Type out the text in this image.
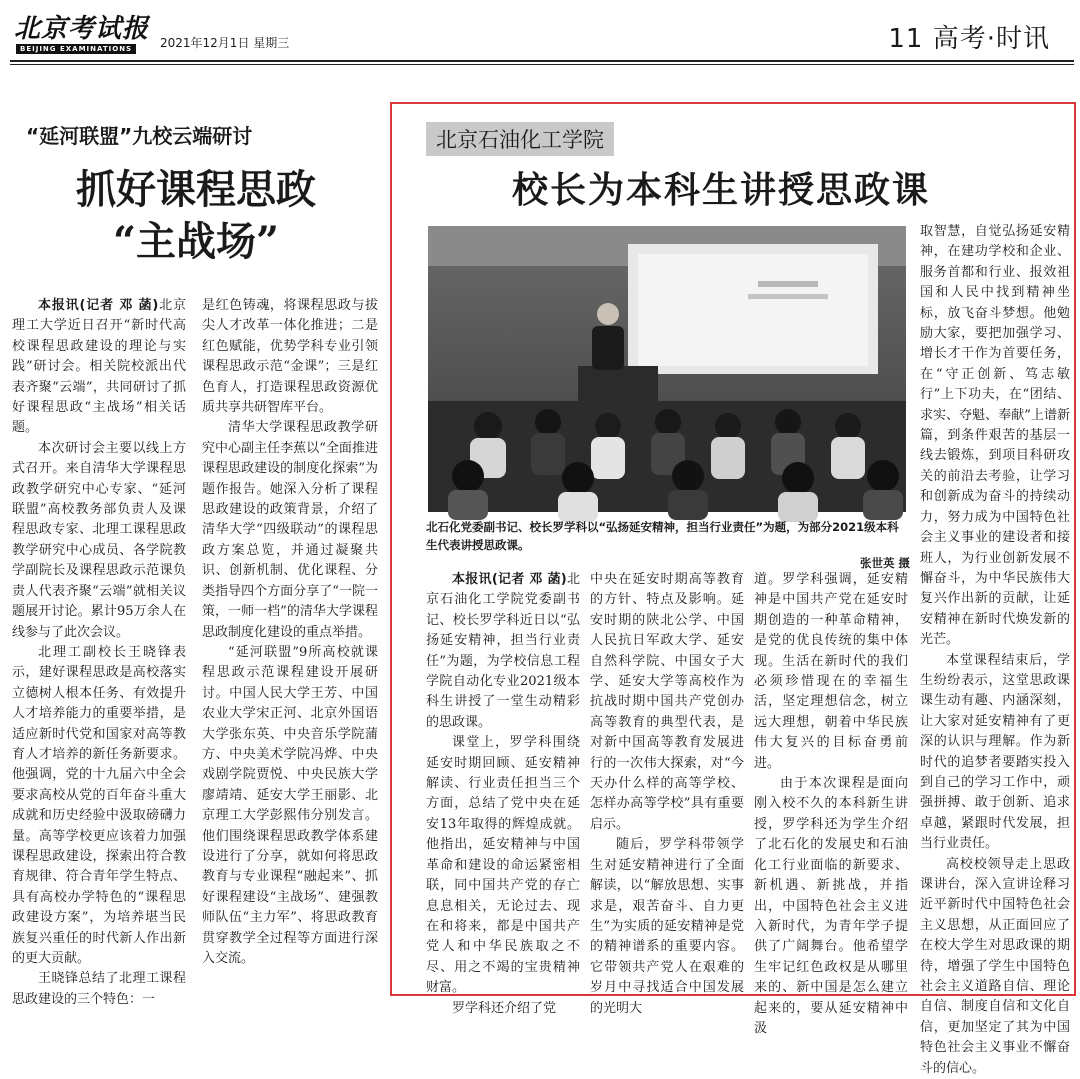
北京考试报
BEIJING EXAMINATIONS	2021年12月1日 星期三	11 高考·时讯
“延河联盟”九校云端研讨
抓好课程思政
“主战场”

本报讯(记者 邓 菡)北京理工大学近日召开“新时代高校课程思政建设的理论与实践”研讨会。相关院校派出代表齐聚“云端”，共同研讨了抓好课程思政“主战场”相关话题。

本次研讨会主要以线上方式召开。来自清华大学课程思政教学研究中心专家、“延河联盟”高校教务部负责人及课程思政专家、北理工课程思政教学研究中心成员、各学院教学副院长及课程思政示范课负责人代表齐聚“云端”就相关议题展开讨论。累计95万余人在线参与了此次会议。

北理工副校长王晓锋表示，建好课程思政是高校落实立德树人根本任务、有效提升人才培养能力的重要举措，是适应新时代党和国家对高等教育人才培养的新任务新要求。他强调，党的十九届六中全会要求高校从党的百年奋斗重大成就和历史经验中汲取磅礴力量。高等学校更应该着力加强课程思政建设，探索出符合教育规律、符合青年学生特点、具有高校办学特色的“课程思政建设方案”，为培养堪当民族复兴重任的时代新人作出新的更大贡献。

王晓锋总结了北理工课程思政建设的三个特色：一

是红色铸魂，将课程思政与拔尖人才改革一体化推进；二是红色赋能，优势学科专业引领课程思政示范“金课”；三是红色育人，打造课程思政资源优质共享共研智库平台。

清华大学课程思政教学研究中心副主任李蕉以“全面推进课程思政建设的制度化探索”为题作报告。她深入分析了课程思政建设的政策背景，介绍了清华大学“四级联动”的课程思政方案总览，并通过凝聚共识、创新机制、优化课程、分类指导四个方面分享了“一院一策，一师一档”的清华大学课程思政制度化建设的重点举措。

“延河联盟”9所高校就课程思政示范课程建设开展研讨。中国人民大学王芳、中国农业大学宋正河、北京外国语大学张东英、中央音乐学院蒲方、中央美术学院冯烨、中央戏剧学院贾悦、中央民族大学廖靖靖、延安大学王丽影、北京理工大学彭熙伟分别发言。他们围绕课程思政教学体系建设进行了分享，就如何将思政教育与专业课程“融起来”、抓好课程建设“主战场”、建强教师队伍“主力军”、将思政教育贯穿教学全过程等方面进行深入交流。

北京石油化工学院
校长为本科生讲授思政课
北石化党委副书记、校长罗学科以“弘扬延安精神，担当行业责任”为题，为部分2021级本科生代表讲授思政课。
张世英 摄

本报讯(记者 邓 菡)北京石油化工学院党委副书记、校长罗学科近日以“弘扬延安精神，担当行业责任”为题，为学校信息工程学院自动化专业2021级本科生讲授了一堂生动精彩的思政课。

课堂上，罗学科围绕延安时期回顾、延安精神解读、行业责任担当三个方面，总结了党中央在延安13年取得的辉煌成就。他指出，延安精神与中国革命和建设的命运紧密相联，同中国共产党的存亡息息相关，无论过去、现在和将来，都是中国共产党人和中华民族取之不尽、用之不竭的宝贵精神财富。

罗学科还介绍了党

中央在延安时期高等教育的方针、特点及影响。延安时期的陕北公学、中国人民抗日军政大学、延安自然科学院、中国女子大学、延安大学等高校作为抗战时期中国共产党创办高等教育的典型代表，是对新中国高等教育发展进行的一次伟大探索，对“今天办什么样的高等学校、怎样办高等学校”具有重要启示。

随后，罗学科带领学生对延安精神进行了全面解读，以“解放思想、实事求是，艰苦奋斗、自力更生”为实质的延安精神是党的精神谱系的重要内容。它带领共产党人在艰难的岁月中寻找适合中国发展的光明大

道。罗学科强调，延安精神是中国共产党在延安时期创造的一种革命精神，是党的优良传统的集中体现。生活在新时代的我们必须珍惜现在的幸福生活，坚定理想信念，树立远大理想，朝着中华民族伟大复兴的目标奋勇前进。

由于本次课程是面向刚入校不久的本科新生讲授，罗学科还为学生介绍了北石化的发展史和石油化工行业面临的新要求、新机遇、新挑战，并指出，中国特色社会主义进入新时代，为青年学子提供了广阔舞台。他希望学生牢记红色政权是从哪里来的、新中国是怎么建立起来的，要从延安精神中汲

取智慧，自觉弘扬延安精神，在建功学校和企业、服务首都和行业、报效祖国和人民中找到精神坐标，放飞奋斗梦想。他勉励大家，要把加强学习、增长才干作为首要任务，在“守正创新、笃志敏行”上下功夫，在“团结、求实、夺魁、奉献”上谱新篇，到条件艰苦的基层一线去锻炼，到项目科研攻关的前沿去考验，让学习和创新成为奋斗的持续动力，努力成为中国特色社会主义事业的建设者和接班人，为行业创新发展不懈奋斗，为中华民族伟大复兴作出新的贡献，让延安精神在新时代焕发新的光芒。

本堂课程结束后，学生纷纷表示，这堂思政课课生动有趣、内涵深刻，让大家对延安精神有了更深的认识与理解。作为新时代的追梦者要踏实投入到自己的学习工作中，顽强拼搏、敢于创新、追求卓越，紧跟时代发展，担当行业责任。

高校校领导走上思政课讲台，深入宣讲诠释习近平新时代中国特色社会主义思想，从正面回应了在校大学生对思政课的期待，增强了学生中国特色社会主义道路自信、理论自信、制度自信和文化自信，更加坚定了其为中国特色社会主义事业不懈奋斗的信心。
